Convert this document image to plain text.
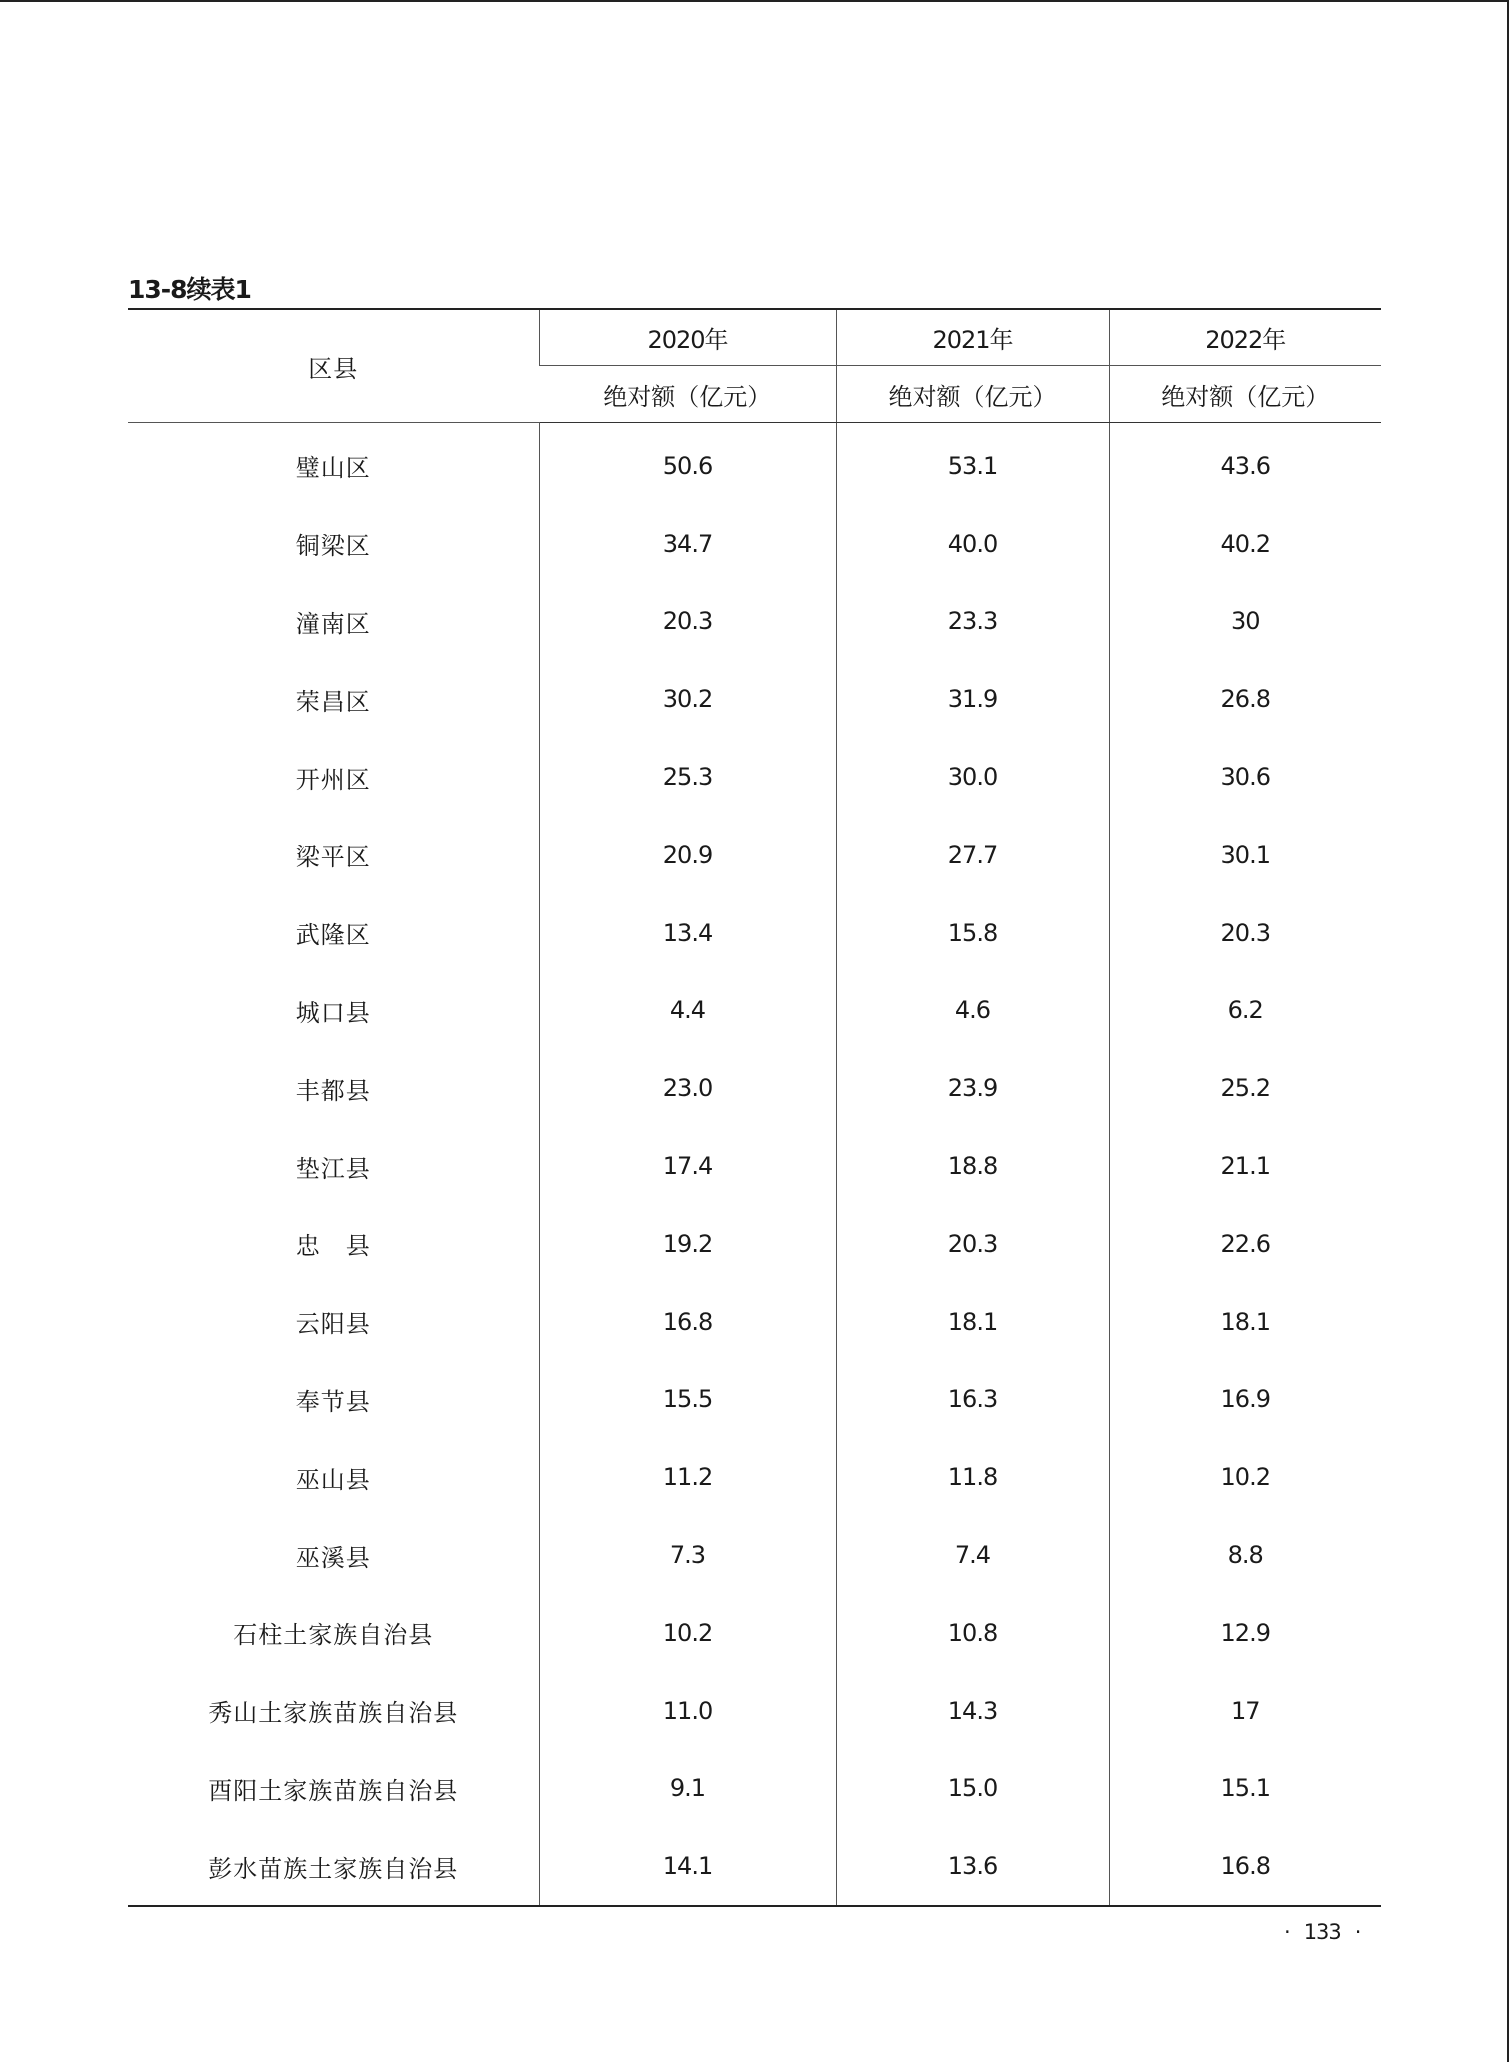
13-8续表1
区县	2020年	2021年	2022年
	绝对额（亿元）	绝对额（亿元）	绝对额（亿元）
璧山区	50.6	53.1	43.6
铜梁区	34.7	40.0	40.2
潼南区	20.3	23.3	30
荣昌区	30.2	31.9	26.8
开州区	25.3	30.0	30.6
梁平区	20.9	27.7	30.1
武隆区	13.4	15.8	20.3
城口县	4.4	4.6	6.2
丰都县	23.0	23.9	25.2
垫江县	17.4	18.8	21.1
忠　县	19.2	20.3	22.6
云阳县	16.8	18.1	18.1
奉节县	15.5	16.3	16.9
巫山县	11.2	11.8	10.2
巫溪县	7.3	7.4	8.8
石柱土家族自治县	10.2	10.8	12.9
秀山土家族苗族自治县	11.0	14.3	17
酉阳土家族苗族自治县	9.1	15.0	15.1
彭水苗族土家族自治县	14.1	13.6	16.8
· 133 ·
